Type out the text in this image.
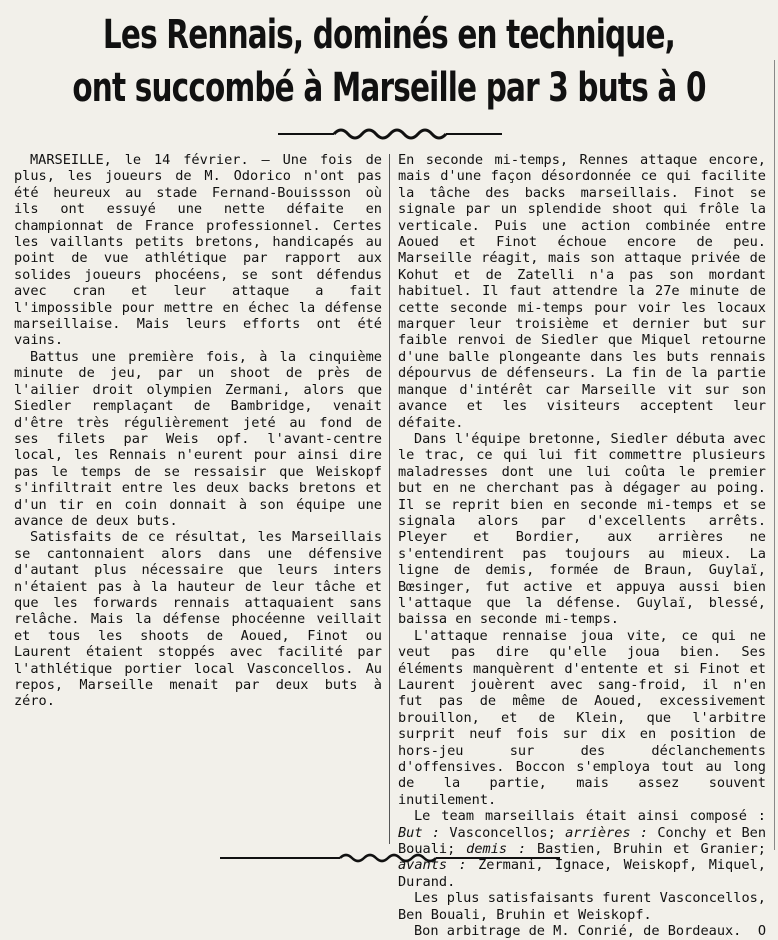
Les Rennais, dominés en technique,
ont succombé à Marseille par 3 buts à 0

MARSEILLE, le 14 février. — Une fois de plus, les joueurs de M. Odorico n'ont pas été heureux au stade Fernand-Bouissson où ils ont essuyé une nette défaite en championnat de France professionnel. Certes les vaillants petits bretons, handicapés au point de vue athlétique par rapport aux solides joueurs phocéens, se sont défendus avec cran et leur attaque a fait l'impossible pour mettre en échec la défense marseillaise. Mais leurs efforts ont été vains.

Battus une première fois, à la cinquième minute de jeu, par un shoot de près de l'ailier droit olympien Zermani, alors que Siedler remplaçant de Bambridge, venait d'être très régulièrement jeté au fond de ses filets par Weis opf. l'avant-centre local, les Rennais n'eurent pour ainsi dire pas le temps de se ressaisir que Weiskopf s'infiltrait entre les deux backs bretons et d'un tir en coin donnait à son équipe une avance de deux buts.

Satisfaits de ce résultat, les Marseillais se cantonnaient alors dans une défensive d'autant plus nécessaire que leurs inters n'étaient pas à la hauteur de leur tâche et que les forwards rennais attaquaient sans relâche. Mais la défense phocéenne veillait et tous les shoots de Aoued, Finot ou Laurent étaient stoppés avec facilité par l'athlétique portier local Vasconcellos. Au repos, Marseille menait par deux buts à zéro.

En seconde mi-temps, Rennes attaque encore, mais d'une façon désordonnée ce qui facilite la tâche des backs marseillais. Finot se signale par un splendide shoot qui frôle la verticale. Puis une action combinée entre Aoued et Finot échoue encore de peu. Marseille réagit, mais son attaque privée de Kohut et de Zatelli n'a pas son mordant habituel. Il faut attendre la 27e minute de cette seconde mi-temps pour voir les locaux marquer leur troisième et dernier but sur faible renvoi de Siedler que Miquel retourne d'une balle plongeante dans les buts rennais dépourvus de défenseurs. La fin de la partie manque d'intérêt car Marseille vit sur son avance et les visiteurs acceptent leur défaite.

Dans l'équipe bretonne, Siedler débuta avec le trac, ce qui lui fit commettre plusieurs maladresses dont une lui coûta le premier but en ne cherchant pas à dégager au poing. Il se reprit bien en seconde mi-temps et se signala alors par d'excellents arrêts. Pleyer et Bordier, aux arrières ne s'entendirent pas toujours au mieux. La ligne de demis, formée de Braun, Guylaï, Bœsinger, fut active et appuya aussi bien l'attaque que la défense. Guylaï, blessé, baissa en seconde mi-temps.

L'attaque rennaise joua vite, ce qui ne veut pas dire qu'elle joua bien. Ses éléments manquèrent d'entente et si Finot et Laurent jouèrent avec sang-froid, il n'en fut pas de même de Aoued, excessivement brouillon, et de Klein, que l'arbitre surprit neuf fois sur dix en position de hors-jeu sur des déclanchements d'offensives. Boccon s'employa tout au long de la partie, mais assez souvent inutilement.

Le team marseillais était ainsi composé : But : Vasconcellos; arrières : Conchy et Ben Bouali; demis : Bastien, Bruhin et Granier; avants : Zermani, Ignace, Weiskopf, Miquel, Durand.

Les plus satisfaisants furent Vasconcellos, Ben Bouali, Bruhin et Weiskopf.

Bon arbitrage de M. Conrié, de Bordeaux.	O
